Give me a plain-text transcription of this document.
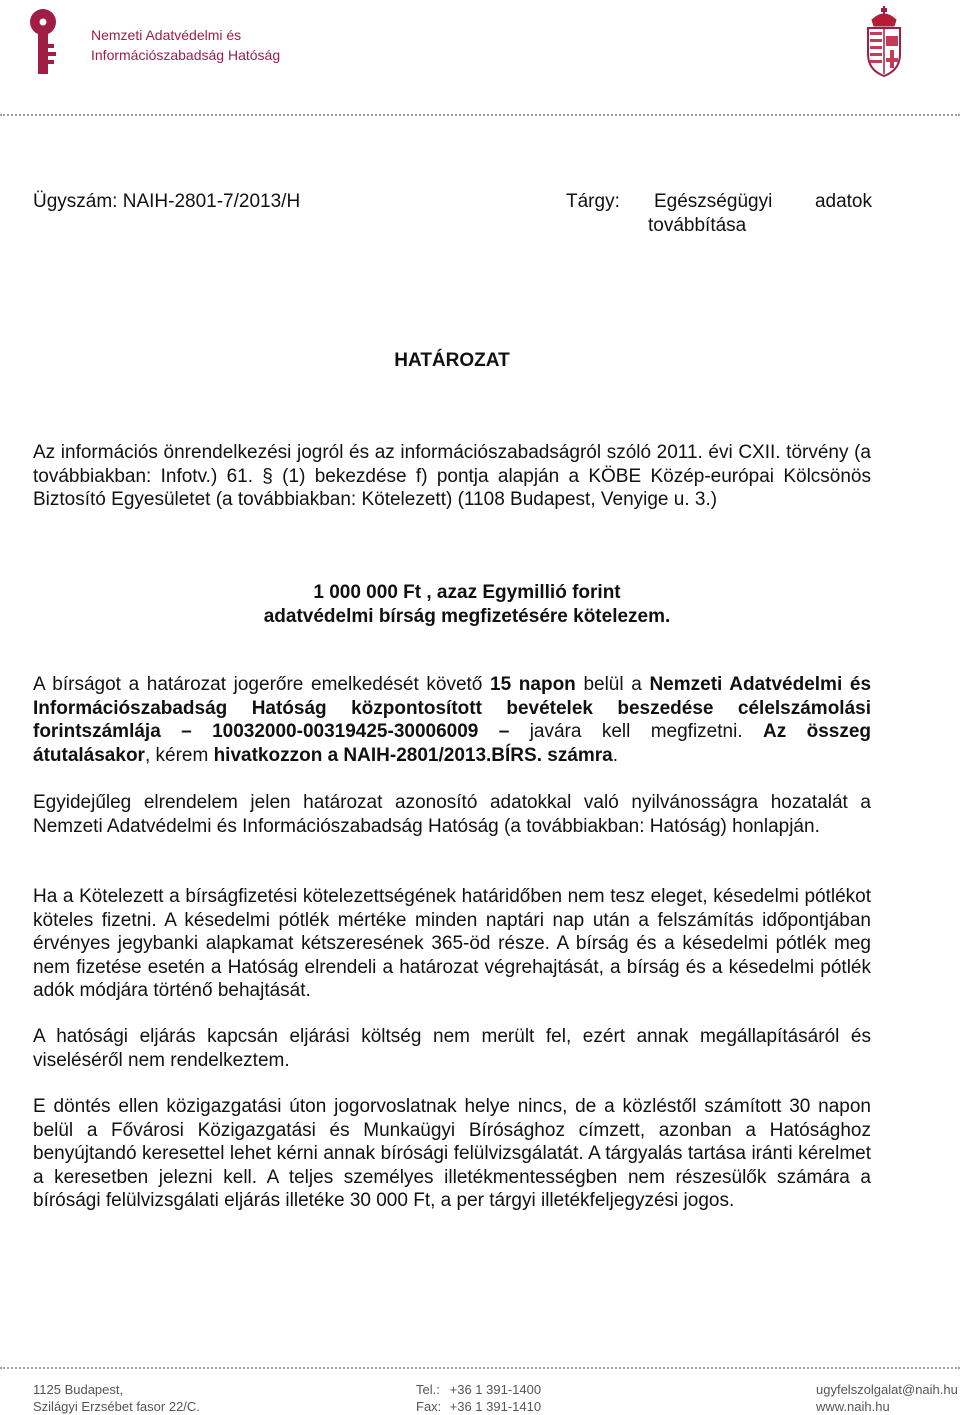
Nemzeti Adatvédelmi és
Információszabadság Hatóság
Ügyszám: NAIH-2801-7/2013/H	Tárgy: Egészségügyi adatok
továbbítása
HATÁROZAT

Az információs önrendelkezési jogról és az információszabadságról szóló 2011. évi CXII. törvény (a továbbiakban: Infotv.) 61. § (1) bekezdése f) pontja alapján a KÖBE Közép-európai Kölcsönös Biztosító Egyesületet (a továbbiakban: Kötelezett) (1108 Budapest, Venyige u. 3.)

1 000 000 Ft , azaz Egymillió forint
adatvédelmi bírság megfizetésére kötelezem.

A bírságot a határozat jogerőre emelkedését követő 15 napon belül a Nemzeti Adatvédelmi és Információszabadság Hatóság központosított bevételek beszedése célelszámolási forintszámlája – 10032000-00319425-30006009 – javára kell megfizetni. Az összeg átutalásakor, kérem hivatkozzon a NAIH-2801/2013.BÍRS. számra.

Egyidejűleg elrendelem jelen határozat azonosító adatokkal való nyilvánosságra hozatalát a Nemzeti Adatvédelmi és Információszabadság Hatóság (a továbbiakban: Hatóság) honlapján.

Ha a Kötelezett a bírságfizetési kötelezettségének határidőben nem tesz eleget, késedelmi pótlékot köteles fizetni. A késedelmi pótlék mértéke minden naptári nap után a felszámítás időpontjában érvényes jegybanki alapkamat kétszeresének 365-öd része. A bírság és a késedelmi pótlék meg nem fizetése esetén a Hatóság elrendeli a határozat végrehajtását, a bírság és a késedelmi pótlék adók módjára történő behajtását.

A hatósági eljárás kapcsán eljárási költség nem merült fel, ezért annak megállapításáról és viseléséről nem rendelkeztem.

E döntés ellen közigazgatási úton jogorvoslatnak helye nincs, de a közléstől számított 30 napon belül a Fővárosi Közigazgatási és Munkaügyi Bírósághoz címzett, azonban a Hatósághoz benyújtandó keresettel lehet kérni annak bírósági felülvizsgálatát. A tárgyalás tartása iránti kérelmet a keresetben jelezni kell. A teljes személyes illetékmentességben nem részesülők számára a bírósági felülvizsgálati eljárás illetéke 30 000 Ft, a per tárgyi illetékfeljegyzési jogos.

1125 Budapest,
Szilágyi Erzsébet fasor 22/C.
Tel.: +36 1 391-1400
Fax: +36 1 391-1410
ugyfelszolgalat@naih.hu
www.naih.hu
